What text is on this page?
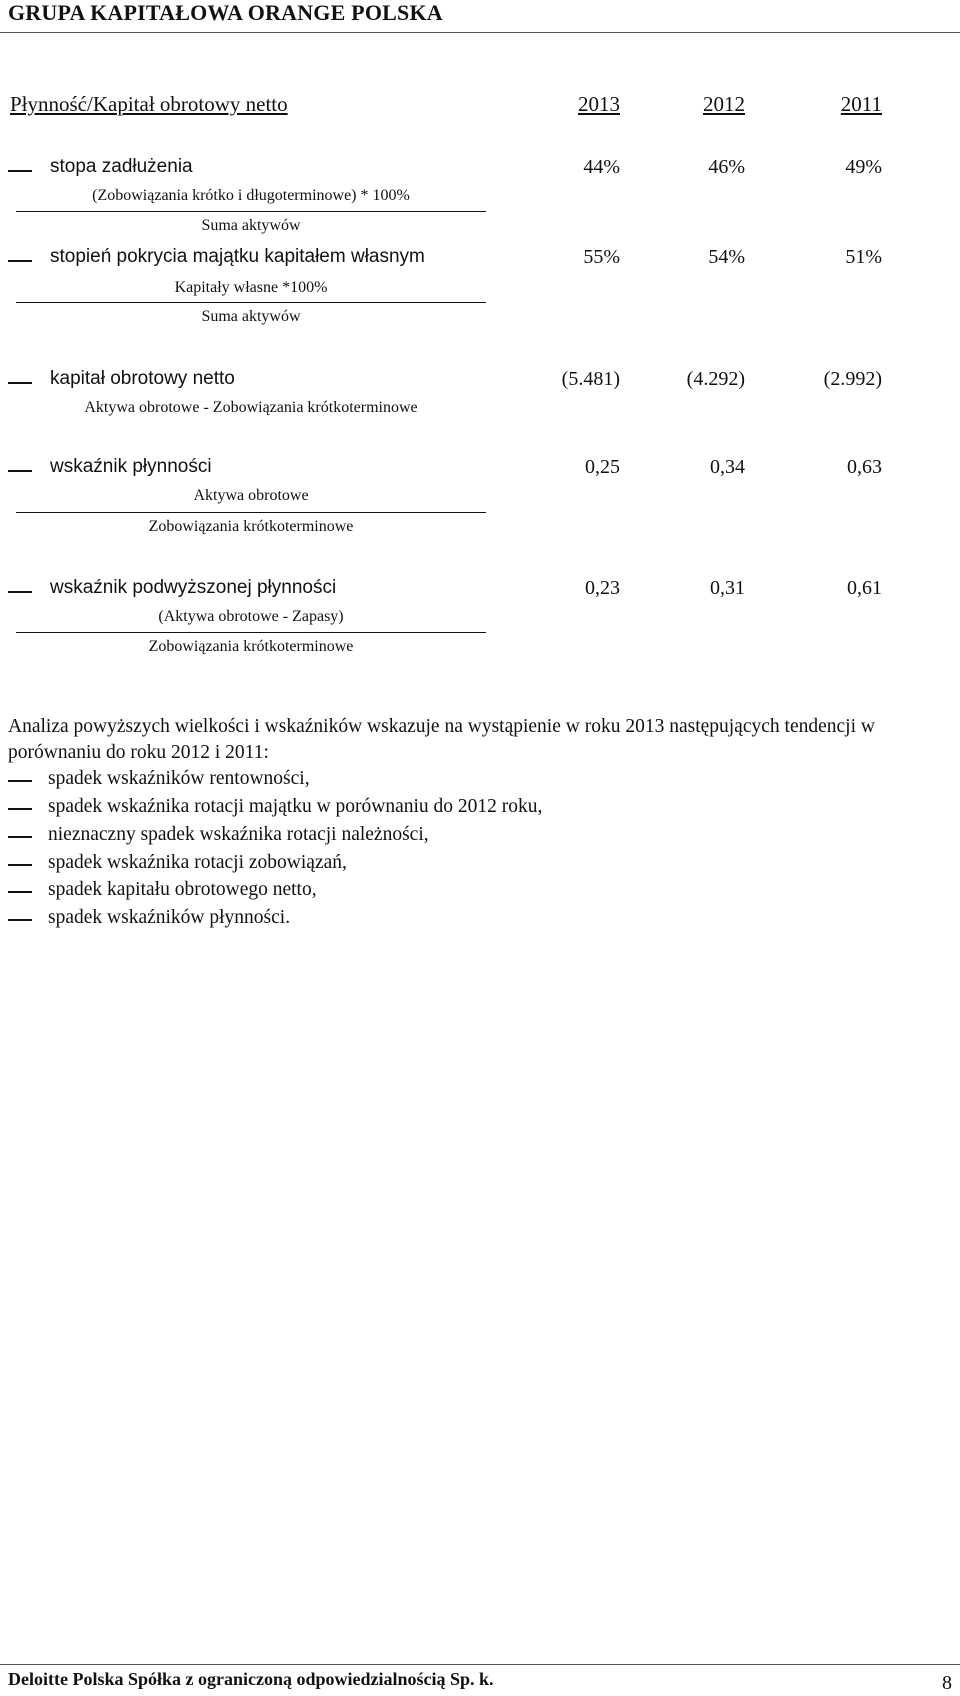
GRUPA KAPITAŁOWA ORANGE POLSKA
Płynność/Kapitał obrotowy netto	2013	2012	2011
stopa zadłużenia	44%	46%	49%
(Zobowiązania krótko i długoterminowe) * 100%
Suma aktywów
stopień pokrycia majątku kapitałem własnym	55%	54%	51%
Kapitały własne *100%
Suma aktywów
kapitał obrotowy netto	(5.481)	(4.292)	(2.992)
Aktywa obrotowe - Zobowiązania krótkoterminowe
wskaźnik płynności	0,25	0,34	0,63
Aktywa obrotowe
Zobowiązania krótkoterminowe
wskaźnik podwyższonej płynności	0,23	0,31	0,61
(Aktywa obrotowe - Zapasy)
Zobowiązania krótkoterminowe
Analiza powyższych wielkości i wskaźników wskazuje na wystąpienie w roku 2013 następujących tendencji w porównaniu do roku 2012 i 2011:
spadek wskaźników rentowności,
spadek wskaźnika rotacji majątku w porównaniu do 2012 roku,
nieznaczny spadek wskaźnika rotacji należności,
spadek wskaźnika rotacji zobowiązań,
spadek kapitału obrotowego netto,
spadek wskaźników płynności.
Deloitte Polska Spółka z ograniczoną odpowiedzialnością Sp. k.	8
